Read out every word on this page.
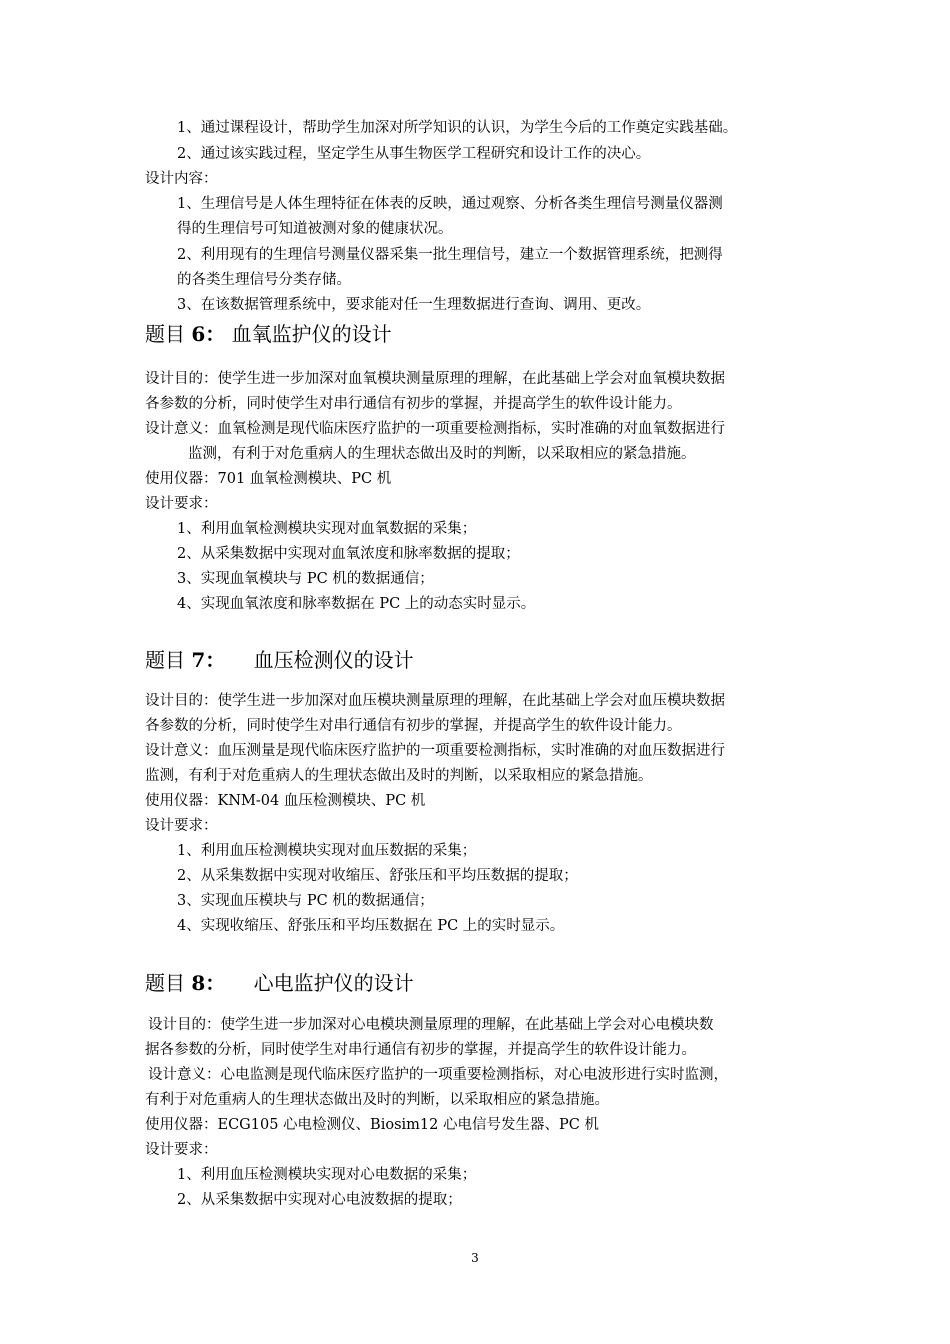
1、通过课程设计，帮助学生加深对所学知识的认识，为学生今后的工作奠定实践基础。
2、通过该实践过程，坚定学生从事生物医学工程研究和设计工作的决心。
设计内容：
1、生理信号是人体生理特征在体表的反映，通过观察、分析各类生理信号测量仪器测
得的生理信号可知道被测对象的健康状况。
2、利用现有的生理信号测量仪器采集一批生理信号，建立一个数据管理系统，把测得
的各类生理信号分类存储。
3、在该数据管理系统中，要求能对任一生理数据进行查询、调用、更改。
题目 6： 血氧监护仪的设计
设计目的：使学生进一步加深对血氧模块测量原理的理解，在此基础上学会对血氧模块数据
各参数的分析，同时使学生对串行通信有初步的掌握，并提高学生的软件设计能力。
设计意义：血氧检测是现代临床医疗监护的一项重要检测指标，实时准确的对血氧数据进行
监测，有利于对危重病人的生理状态做出及时的判断，以采取相应的紧急措施。
使用仪器：701 血氧检测模块、PC 机
设计要求：
1、利用血氧检测模块实现对血氧数据的采集；
2、从采集数据中实现对血氧浓度和脉率数据的提取；
3、实现血氧模块与 PC 机的数据通信；
4、实现血氧浓度和脉率数据在 PC 上的动态实时显示。
题目 7： 血压检测仪的设计
设计目的：使学生进一步加深对血压模块测量原理的理解，在此基础上学会对血压模块数据
各参数的分析，同时使学生对串行通信有初步的掌握，并提高学生的软件设计能力。
设计意义：血压测量是现代临床医疗监护的一项重要检测指标，实时准确的对血压数据进行
监测，有利于对危重病人的生理状态做出及时的判断，以采取相应的紧急措施。
使用仪器：KNM-04 血压检测模块、PC 机
设计要求：
1、利用血压检测模块实现对血压数据的采集；
2、从采集数据中实现对收缩压、舒张压和平均压数据的提取；
3、实现血压模块与 PC 机的数据通信；
4、实现收缩压、舒张压和平均压数据在 PC 上的实时显示。
题目 8： 心电监护仪的设计
设计目的：使学生进一步加深对心电模块测量原理的理解，在此基础上学会对心电模块数
据各参数的分析，同时使学生对串行通信有初步的掌握，并提高学生的软件设计能力。
设计意义：心电监测是现代临床医疗监护的一项重要检测指标，对心电波形进行实时监测，
有利于对危重病人的生理状态做出及时的判断，以采取相应的紧急措施。
使用仪器：ECG105 心电检测仪、Biosim12 心电信号发生器、PC 机
设计要求：
1、利用血压检测模块实现对心电数据的采集；
2、从采集数据中实现对心电波数据的提取；
3
